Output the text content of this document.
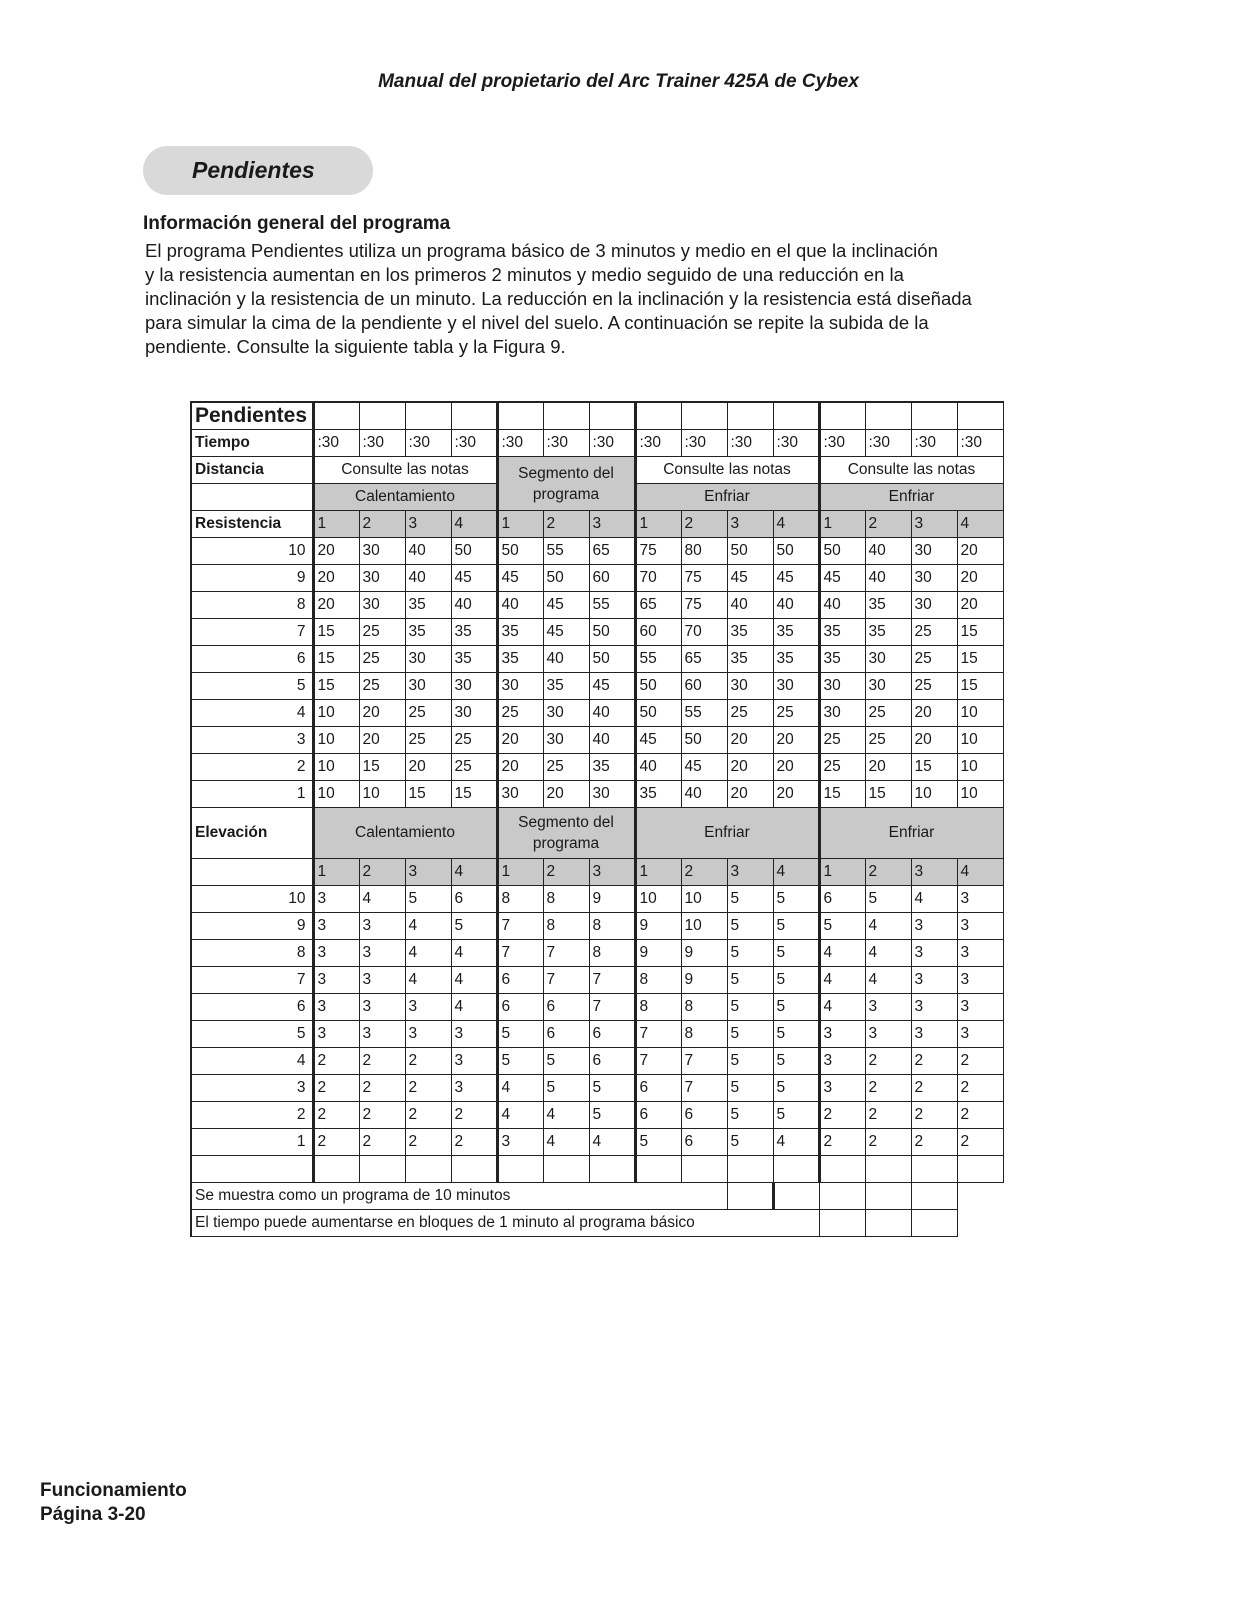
Manual del propietario del Arc Trainer 425A de Cybex
Pendientes
Información general del programa
El programa Pendientes utiliza un programa básico de 3 minutos y medio en el que la inclinación
y la resistencia aumentan en los primeros 2 minutos y medio seguido de una reducción en la
inclinación y la resistencia de un minuto. La reducción en la inclinación y la resistencia está diseñada
para simular la cima de la pendiente y el nivel del suelo. A continuación se repite la subida de la
pendiente. Consulte la siguiente tabla y la Figura 9.
Pendientes															
Tiempo	:30	:30	:30	:30	:30	:30	:30	:30	:30	:30	:30	:30	:30	:30	:30
Distancia	Consulte las notas				Segmento del programa			Consulte las notas				Consulte las notas			
	Calentamiento							Enfriar				Enfriar			
Resistencia	1	2	3	4	1	2	3	1	2	3	4	1	2	3	4
10	20	30	40	50	50	55	65	75	80	50	50	50	40	30	20
9	20	30	40	45	45	50	60	70	75	45	45	45	40	30	20
8	20	30	35	40	40	45	55	65	75	40	40	40	35	30	20
7	15	25	35	35	35	45	50	60	70	35	35	35	35	25	15
6	15	25	30	35	35	40	50	55	65	35	35	35	30	25	15
5	15	25	30	30	30	35	45	50	60	30	30	30	30	25	15
4	10	20	25	30	25	30	40	50	55	25	25	30	25	20	10
3	10	20	25	25	20	30	40	45	50	20	20	25	25	20	10
2	10	15	20	25	20	25	35	40	45	20	20	25	20	15	10
1	10	10	15	15	30	20	30	35	40	20	20	15	15	10	10
Elevación	Calentamiento				Segmento del programa			Enfriar				Enfriar			
	1	2	3	4	1	2	3	1	2	3	4	1	2	3	4
10	3	4	5	6	8	8	9	10	10	5	5	6	5	4	3
9	3	3	4	5	7	8	8	9	10	5	5	5	4	3	3
8	3	3	4	4	7	7	8	9	9	5	5	4	4	3	3
7	3	3	4	4	6	7	7	8	9	5	5	4	4	3	3
6	3	3	3	4	6	6	7	8	8	5	5	4	3	3	3
5	3	3	3	3	5	6	6	7	8	5	5	3	3	3	3
4	2	2	2	3	5	5	6	7	7	5	5	3	2	2	2
3	2	2	2	3	4	5	5	6	7	5	5	3	2	2	2
2	2	2	2	2	4	4	5	6	6	5	5	2	2	2	2
1	2	2	2	2	3	4	4	5	6	5	4	2	2	2	2

Se muestra como un programa de 10 minutos															
El tiempo puede aumentarse en bloques de 1 minuto al programa básico															
Funcionamiento
Página 3-20
